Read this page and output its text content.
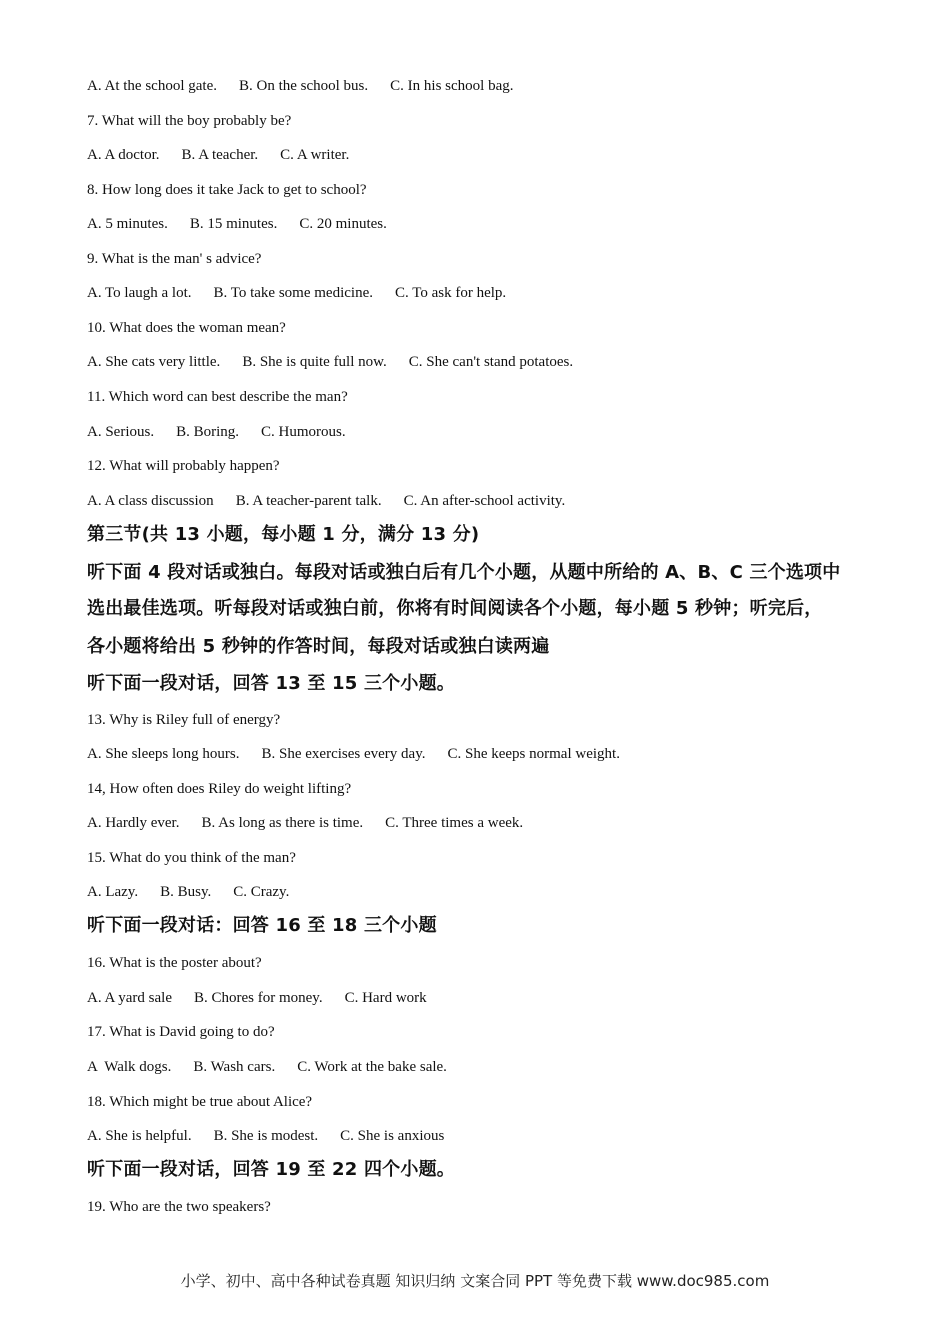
A. At the school gate. B. On the school bus. C. In his school bag.
7. What will the boy probably be?
A. A doctor. B. A teacher. C. A writer.
8. How long does it take Jack to get to school?
A. 5 minutes. B. 15 minutes. C. 20 minutes.
9. What is the man' s advice?
A. To laugh a lot. B. To take some medicine. C. To ask for help.
10. What does the woman mean?
A. She cats very little. B. She is quite full now. C. She can't stand potatoes.
11. Which word can best describe the man?
A. Serious. B. Boring. C. Humorous.
12. What will probably happen?
A. A class discussion B. A teacher-parent talk. C. An after-school activity.
第三节(共 13 小题，每小题 1 分，满分 13 分)
听下面 4 段对话或独白。每段对话或独白后有几个小题，从题中所给的 A、B、C 三个选项中
选出最佳选项。听每段对话或独白前，你将有时间阅读各个小题，每小题 5 秒钟；听完后，
各小题将给出 5 秒钟的作答时间，每段对话或独白读两遍
听下面一段对话，回答 13 至 15 三个小题。
13. Why is Riley full of energy?
A. She sleeps long hours. B. She exercises every day. C. She keeps normal weight.
14, How often does Riley do weight lifting?
A. Hardly ever. B. As long as there is time. C. Three times a week.
15. What do you think of the man?
A. Lazy. B. Busy. C. Crazy.
听下面一段对话：回答 16 至 18 三个小题
16. What is the poster about?
A. A yard sale B. Chores for money. C. Hard work
17. What is David going to do?
A  Walk dogs. B. Wash cars. C. Work at the bake sale.
18. Which might be true about Alice?
A. She is helpful. B. She is modest. C. She is anxious
听下面一段对话，回答 19 至 22 四个小题。
19. Who are the two speakers?
小学、初中、高中各种试卷真题 知识归纳 文案合同 PPT 等免费下载 www.doc985.com
